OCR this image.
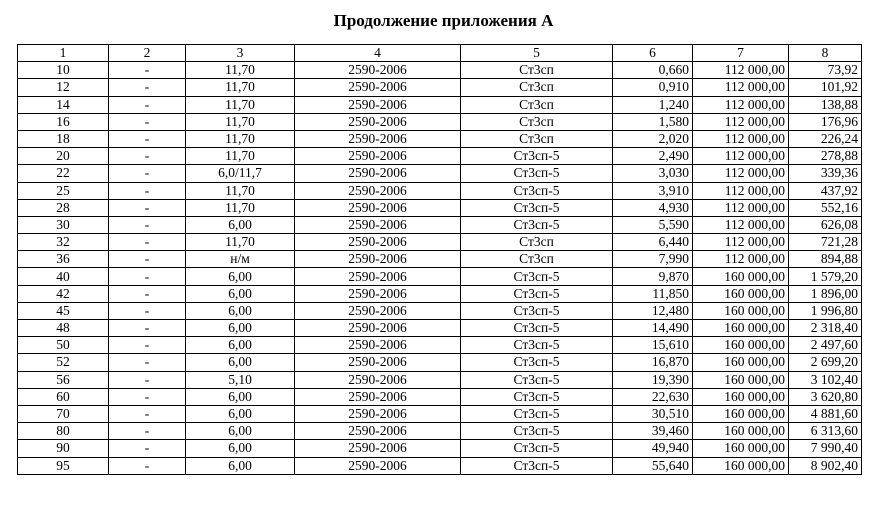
Продолжение приложения А
1	2	3	4	5	6	7	8
10	-	11,70	2590-2006	Ст3сп	0,660	112 000,00	73,92
12	-	11,70	2590-2006	Ст3сп	0,910	112 000,00	101,92
14	-	11,70	2590-2006	Ст3сп	1,240	112 000,00	138,88
16	-	11,70	2590-2006	Ст3сп	1,580	112 000,00	176,96
18	-	11,70	2590-2006	Ст3сп	2,020	112 000,00	226,24
20	-	11,70	2590-2006	Ст3сп-5	2,490	112 000,00	278,88
22	-	6,0/11,7	2590-2006	Ст3сп-5	3,030	112 000,00	339,36
25	-	11,70	2590-2006	Ст3сп-5	3,910	112 000,00	437,92
28	-	11,70	2590-2006	Ст3сп-5	4,930	112 000,00	552,16
30	-	6,00	2590-2006	Ст3сп-5	5,590	112 000,00	626,08
32	-	11,70	2590-2006	Ст3сп	6,440	112 000,00	721,28
36	-	н/м	2590-2006	Ст3сп	7,990	112 000,00	894,88
40	-	6,00	2590-2006	Ст3сп-5	9,870	160 000,00	1 579,20
42	-	6,00	2590-2006	Ст3сп-5	11,850	160 000,00	1 896,00
45	-	6,00	2590-2006	Ст3сп-5	12,480	160 000,00	1 996,80
48	-	6,00	2590-2006	Ст3сп-5	14,490	160 000,00	2 318,40
50	-	6,00	2590-2006	Ст3сп-5	15,610	160 000,00	2 497,60
52	-	6,00	2590-2006	Ст3сп-5	16,870	160 000,00	2 699,20
56	-	5,10	2590-2006	Ст3сп-5	19,390	160 000,00	3 102,40
60	-	6,00	2590-2006	Ст3сп-5	22,630	160 000,00	3 620,80
70	-	6,00	2590-2006	Ст3сп-5	30,510	160 000,00	4 881,60
80	-	6,00	2590-2006	Ст3сп-5	39,460	160 000,00	6 313,60
90	-	6,00	2590-2006	Ст3сп-5	49,940	160 000,00	7 990,40
95	-	6,00	2590-2006	Ст3сп-5	55,640	160 000,00	8 902,40
